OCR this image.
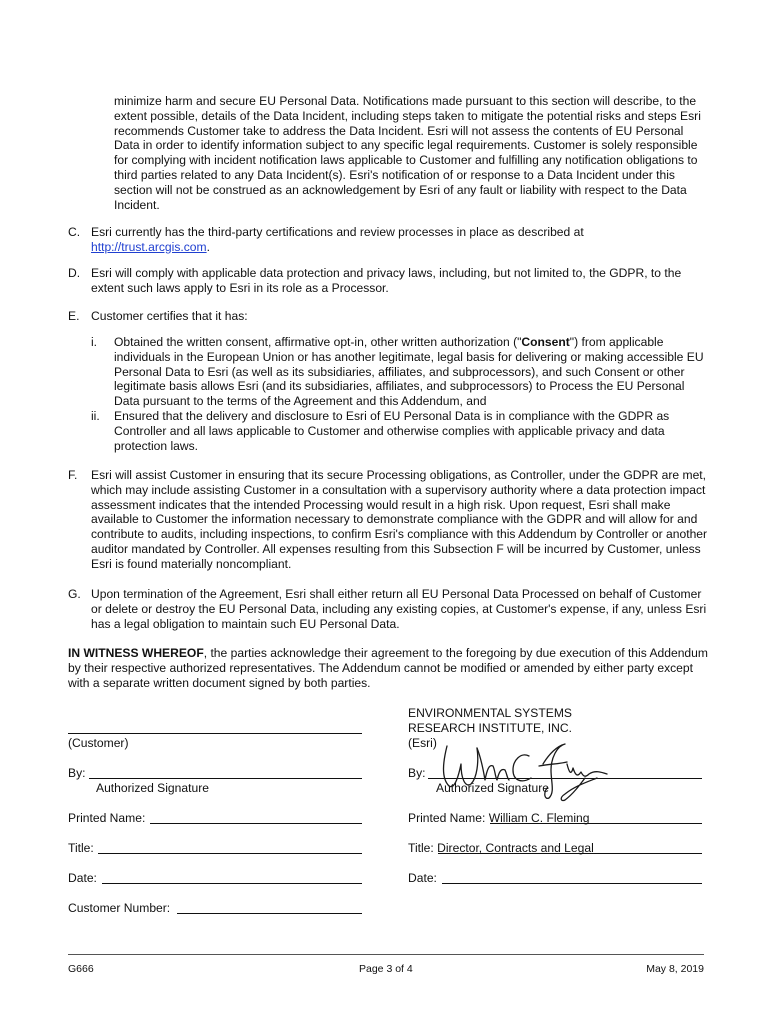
minimize harm and secure EU Personal Data. Notifications made pursuant to this section will describe, to the extent possible, details of the Data Incident, including steps taken to mitigate the potential risks and steps Esri recommends Customer take to address the Data Incident. Esri will not assess the contents of EU Personal Data in order to identify information subject to any specific legal requirements. Customer is solely responsible for complying with incident notification laws applicable to Customer and fulfilling any notification obligations to third parties related to any Data Incident(s). Esri's notification of or response to a Data Incident under this section will not be construed as an acknowledgement by Esri of any fault or liability with respect to the Data Incident.
C. Esri currently has the third-party certifications and review processes in place as described at
http://trust.arcgis.com.
D. Esri will comply with applicable data protection and privacy laws, including, but not limited to, the GDPR, to the extent such laws apply to Esri in its role as a Processor.
E. Customer certifies that it has:
i. Obtained the written consent, affirmative opt-in, other written authorization ("Consent") from applicable individuals in the European Union or has another legitimate, legal basis for delivering or making accessible EU Personal Data to Esri (as well as its subsidiaries, affiliates, and subprocessors), and such Consent or other legitimate basis allows Esri (and its subsidiaries, affiliates, and subprocessors) to Process the EU Personal Data pursuant to the terms of the Agreement and this Addendum, and
ii. Ensured that the delivery and disclosure to Esri of EU Personal Data is in compliance with the GDPR as Controller and all laws applicable to Customer and otherwise complies with applicable privacy and data protection laws.
F. Esri will assist Customer in ensuring that its secure Processing obligations, as Controller, under the GDPR are met, which may include assisting Customer in a consultation with a supervisory authority where a data protection impact assessment indicates that the intended Processing would result in a high risk. Upon request, Esri shall make available to Customer the information necessary to demonstrate compliance with the GDPR and will allow for and contribute to audits, including inspections, to confirm Esri's compliance with this Addendum by Controller or another auditor mandated by Controller. All expenses resulting from this Subsection F will be incurred by Customer, unless Esri is found materially noncompliant.
G. Upon termination of the Agreement, Esri shall either return all EU Personal Data Processed on behalf of Customer or delete or destroy the EU Personal Data, including any existing copies, at Customer's expense, if any, unless Esri has a legal obligation to maintain such EU Personal Data.
IN WITNESS WHEREOF, the parties acknowledge their agreement to the foregoing by due execution of this Addendum by their respective authorized representatives. The Addendum cannot be modified or amended by either party except with a separate written document signed by both parties.
(Customer)
By:
Authorized Signature
Printed Name:
Title:
Date:
Customer Number:
ENVIRONMENTAL SYSTEMS
RESEARCH INSTITUTE, INC.
(Esri)
By:
Authorized Signature
Printed Name: William C. Fleming
Title: Director, Contracts and Legal
Date:
G666	Page 3 of 4	May 8, 2019
